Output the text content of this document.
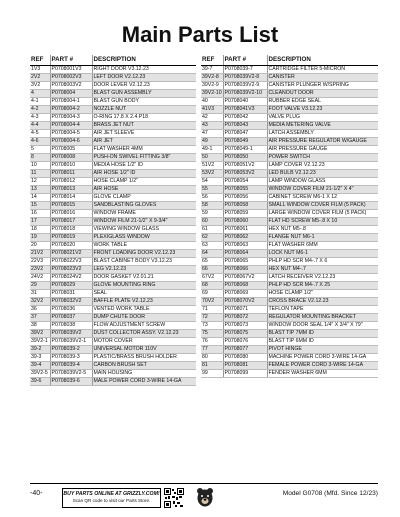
Main Parts List
REF	PART #	DESCRIPTION
1V3	P0708001V3	RIGHT DOOR V3.12.23
2V2	P0708002V3	LEFT DOOR V2.12.23
3V2	P0708003V2	DOOR LEVER V2.12.23
4	P0708004	BLAST GUN ASSEMBLY
4-1	P0708004-1	BLAST GUN BODY
4-2	P0708004-2	NOZZLE NUT
4-3	P0708004-3	O-RING 17.8 X 2.4 P18
4-4	P0708004-4	BRASS JET NUT
4-5	P0708004-5	AIR JET SLEEVE
4-6	P0708004-6	AIR JET
5	P0708005	FLAT WASHER 4MM
8	P0708008	PUSH-ON SWIVEL FITTING 3/8"
10	P0708010	MEDIA HOSE 1/2" ID
11	P0708011	AIR HOSE 1/2" ID
12	P0708012	HOSE CLAMP 1/2"
13	P0708013	AIR HOSE
14	P0708014	GLOVE CLAMP
15	P0708015	SANDBLASTING GLOVES
16	P0708016	WINDOW FRAME
17	P0708017	WINDOW FILM 21-1/2" X 9-3/4"
18	P0708018	VIEWING WINDOW GLASS
19	P0708019	PLEXIGLASS WINDOW
20	P0708020	WORK TABLE
21V2	P0708021V2	FRONT LOADING DOOR V2.12.23
22V3	P0708022V3	BLAST CABINET BODY V3.12.23
23V2	P0708023V2	LEG V2.12.23
24V2	P0708024V2	DOOR GASKET V2.01.21
29	P0708029	GLOVE MOUNTING RING
31	P0708031	SEAL
32V2	P0708032V2	BAFFLE PLATE V2.12.23
36	P0708036	VENTED WORK TABLE
37	P0708037	DUMP CHUTE DOOR
38	P0708038	FLOW ADJUSTMENT SCREW
39V2	P0708039V2	DUST COLLECTOR ASSY. V2.12.23
39V2-1	P0708039V2-1	MOTOR COVER
39-2	P0708039-2	UNIVERSAL MOTOR 110V
39-3	P0708039-3	PLASTIC/BRASS BRUSH HOLDER
39-4	P0708039-4	CARBON BRUSH SET
39V2-5	P0708039V2-5	MAIN HOUSING
39-6	P0708039-6	MALE POWER CORD 3-WIRE 14-GA
REF	PART #	DESCRIPTION
39-7	P0708039-7	CARTRIDGE FILTER 5-MICRON
39V2-8	P0708039V2-8	CANISTER
39V2-9	P0708039V2-9	CANISTER PLUNGER W/SPRING
39V2-10	P0708039V2-10	CLEANOUT DOOR
40	P0708040	RUBBER EDGE SEAL
41V3	P0708041V3	FOOT VALVE V3.12.23
42	P0708042	VALVE PLUG
43	P0708043	MEDIA METERING VALVE
47	P0708047	LATCH ASSEMBLY
49	P0708049	AIR PRESSURE REGULATOR W/GAUGE
49-1	P0708049-1	AIR PRESSURE GAUGE
50	P0708050	POWER SWITCH
51V2	P0708051V2	LAMP COVER V2.12.23
53V2	P0708053V2	LED BULB V2.12.23
54	P0708054	LAMP WINDOW GLASS
55	P0708055	WINDOW COVER FILM 21-1/2" X 4"
56	P0708056	CABINET SCREW M6-1 X 12
58	P0708058	SMALL WINDOW COVER FILM (5 PACK)
59	P0708059	LARGE WINDOW COVER FILM (5 PACK)
60	P0708060	FLAT HD SCREW M5-.8 X 10
61	P0708061	HEX NUT M5-.8
62	P0708062	FLANGE NUT M6-1
63	P0708063	FLAT WASHER 6MM
64	P0708064	LOCK NUT M6-1
65	P0708065	PHLP HD SCR M4-.7 X 6
66	P0708066	HEX NUT M4-.7
67V2	P0708067V2	LATCH RECEIVER V2.12.23
68	P0708068	PHLP HD SCR M4-.7 X 25
69	P0708069	HOSE CLAMP 1/2"
70V2	P0708070V2	CROSS BRACE V2.12.23
71	P0708071	TEFLON TAPE
72	P0708072	REGULATOR MOUNTING BRACKET
73	P0708073	WINDOW DOOR SEAL 1/4" X 3/4" X 79"
75	P0708075	BLAST TIP 7MM ID
76	P0708076	BLAST TIP 6MM ID
77	P0708077	PIVOT HINGE
80	P0708080	MACHINE POWER CORD 3-WIRE 14-GA
81	P0708081	FEMALE POWER CORD 3-WIRE 14-GA
99	P0708099	FENDER WASHER 6MM
-40-	BUY PARTS ONLINE AT GRIZZLY.COM!
Scan QR code to visit our Parts Store.
Model G0708 (Mfd. Since 12/23)
